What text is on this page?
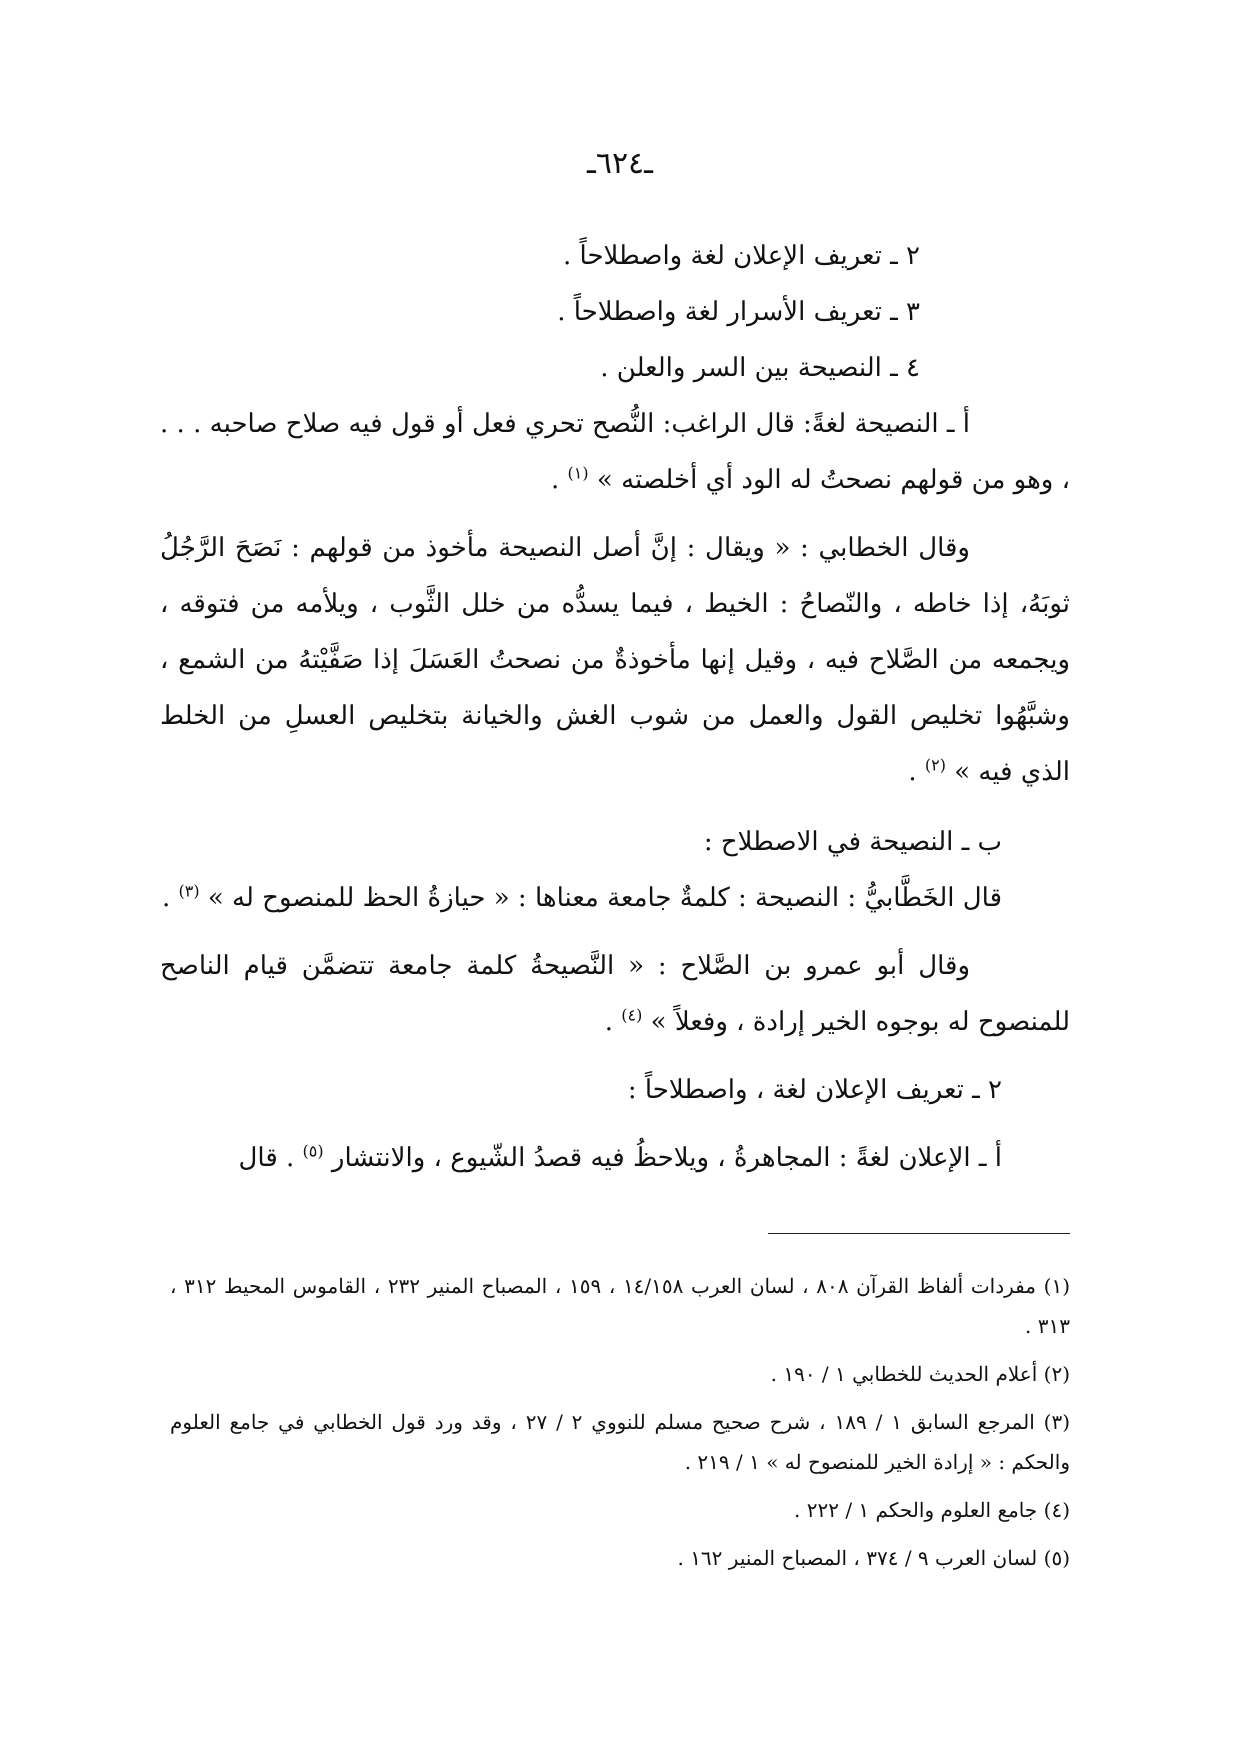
ـ٦٢٤ـ

٢ ـ تعريف الإعلان لغة واصطلاحاً .

٣ ـ تعريف الأسرار لغة واصطلاحاً .

٤ ـ النصيحة بين السر والعلن .

أ ـ النصيحة لغةً: قال الراغب: النُّصح تحري فعل أو قول فيه صلاح صاحبه . . . ، وهو من قولهم نصحتُ له الود أي أخلصته » $^{(١)}$ .

وقال الخطابي : « ويقال : إنَّ أصل النصيحة مأخوذ من قولهم : نَصَحَ الرَّجُلُ ثوبَهُ، إذا خاطه ، والنّصاحُ : الخيط ، فيما يسدُّه من خلل الثَّوب ، ويلأمه من فتوقه ، ويجمعه من الصَّلاح فيه ، وقيل إنها مأخوذةٌ من نصحتُ العَسَلَ إذا صَفَّيْتهُ من الشمع ، وشبَّهُوا تخليص القول والعمل من شوب الغش والخيانة بتخليص العسلِ من الخلط الذي فيه » $^{(٢)}$ .

ب ـ النصيحة في الاصطلاح :

قال الخَطَّابيُّ : النصيحة : كلمةٌ جامعة معناها : « حيازةُ الحظ للمنصوح له » $^{(٣)}$ .

وقال أبو عمرو بن الصَّلاح : « النَّصيحةُ كلمة جامعة تتضمَّن قيام الناصح للمنصوح له بوجوه الخير إرادة ، وفعلاً » $^{(٤)}$ .

٢ ـ تعريف الإعلان لغة ، واصطلاحاً :

أ ـ الإعلان لغةً : المجاهرةُ ، ويلاحظُ فيه قصدُ الشّيوع ، والانتشار $^{(٥)}$ . قال

(١) مفردات ألفاظ القرآن ٨٠٨ ، لسان العرب ١٤/١٥٨ ، ١٥٩ ، المصباح المنير ٢٣٢ ، القاموس المحيط ٣١٢ ، ٣١٣ .

(٢) أعلام الحديث للخطابي ١ / ١٩٠ .

(٣) المرجع السابق ١ / ١٨٩ ، شرح صحيح مسلم للنووي ٢ / ٢٧ ، وقد ورد قول الخطابي في جامع العلوم والحكم : « إرادة الخير للمنصوح له » ١ / ٢١٩ .

(٤) جامع العلوم والحكم ١ / ٢٢٢ .

(٥) لسان العرب ٩ / ٣٧٤ ، المصباح المنير ١٦٢ .
